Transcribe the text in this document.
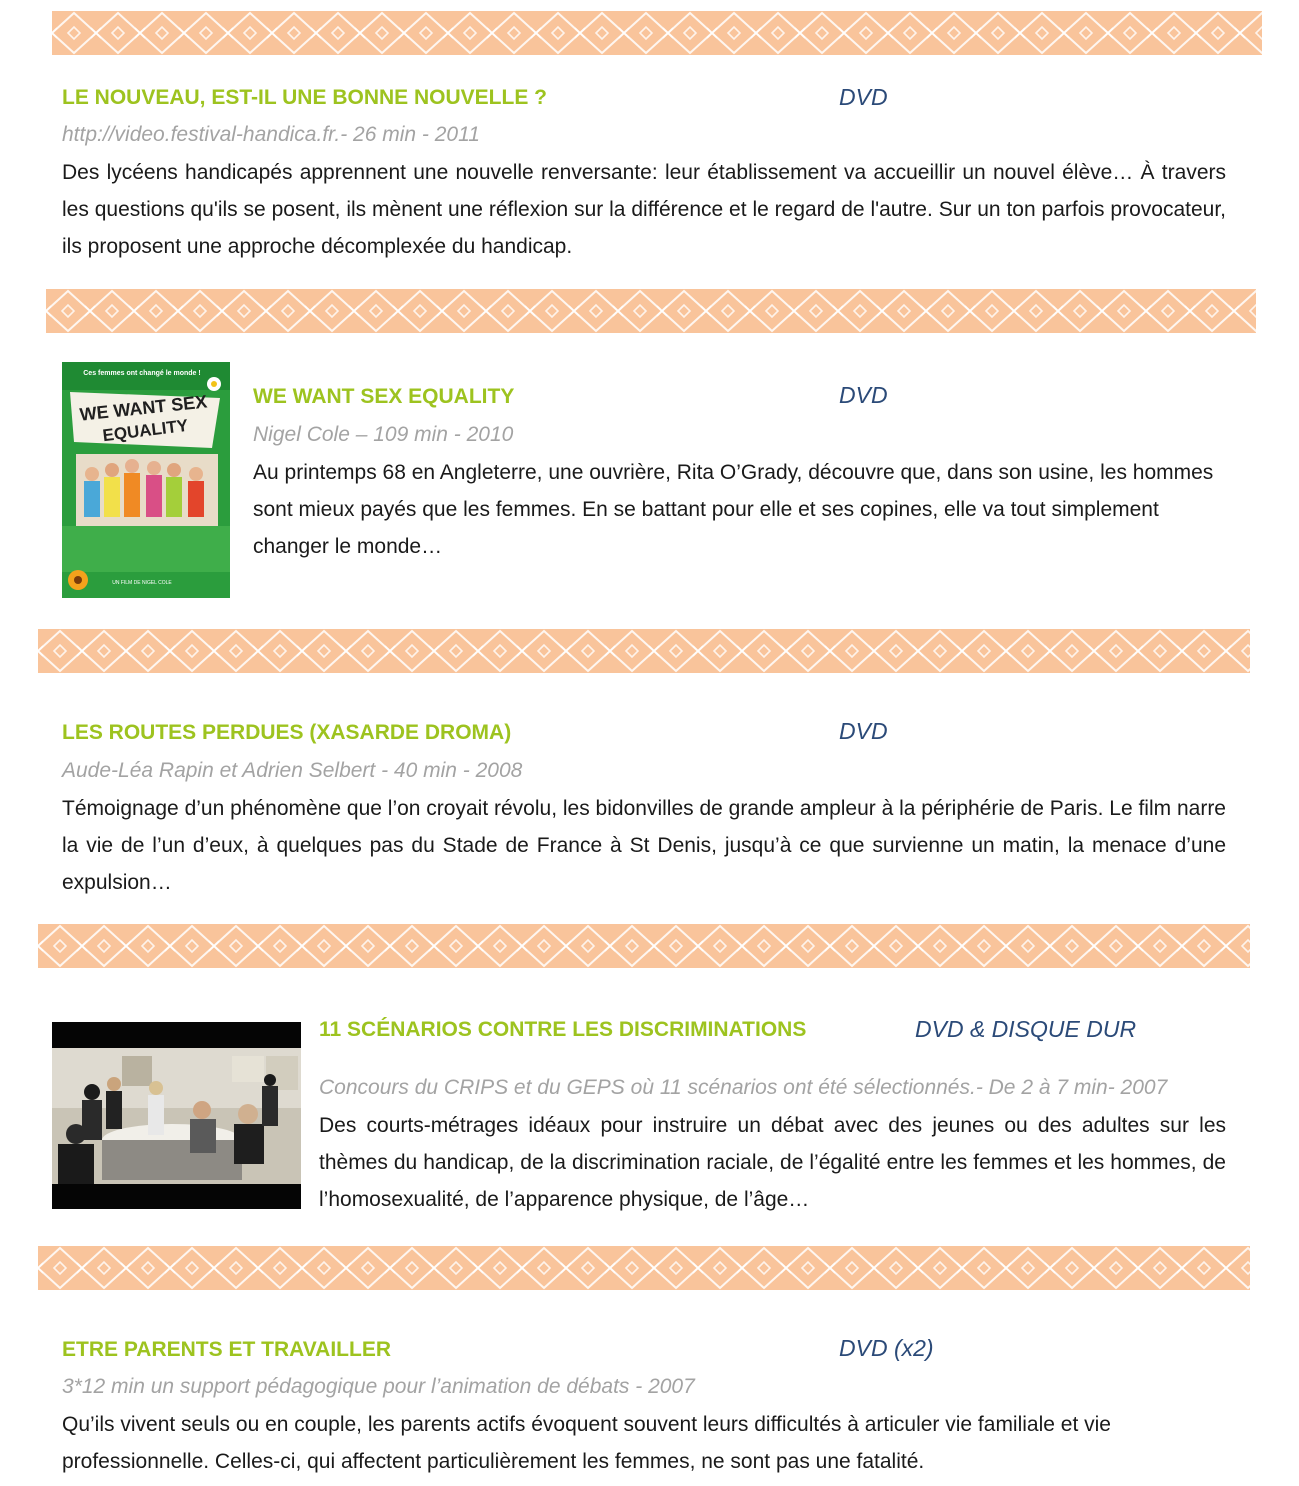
LE NOUVEAU, EST-IL UNE BONNE NOUVELLE ?	DVD
http://video.festival-handica.fr.- 26 min - 2011

Des lycéens handicapés apprennent une nouvelle renversante: leur établissement va accueillir un nouvel élève… À travers les questions qu'ils se posent, ils mènent une réflexion sur la différence et le regard de l'autre. Sur un ton parfois provocateur, ils proposent une approche décomplexée du handicap.

Ces femmes ont changé le monde !
WE WANT SEX
EQUALITY
UN FILM DE NIGEL COLE
WE WANT SEX EQUALITY	DVD
Nigel Cole – 109 min - 2010

Au printemps 68 en Angleterre, une ouvrière, Rita O’Grady, découvre que, dans son usine, les hommes sont mieux payés que les femmes. En se battant pour elle et ses copines, elle va tout simplement changer le monde…

LES ROUTES PERDUES (XASARDE DROMA)	DVD
Aude-Léa Rapin et Adrien Selbert - 40 min - 2008

Témoignage d’un phénomène que l’on croyait révolu, les bidonvilles de grande ampleur à la périphérie de Paris. Le film narre la vie de l’un d’eux, à quelques pas du Stade de France à St Denis, jusqu’à ce que survienne un matin, la menace d’une expulsion…

11 SCÉNARIOS CONTRE LES DISCRIMINATIONS	DVD & DISQUE DUR
Concours du CRIPS et du GEPS où 11 scénarios ont été sélectionnés.- De 2 à 7 min- 2007

Des courts-métrages idéaux pour instruire un débat avec des jeunes ou des adultes sur les thèmes du handicap, de la discrimination raciale, de l’égalité entre les femmes et les hommes, de l’homosexualité, de l’apparence physique, de l’âge…

ETRE PARENTS ET TRAVAILLER	DVD (x2)
3*12 min un support pédagogique pour l’animation de débats - 2007

Qu’ils vivent seuls ou en couple, les parents actifs évoquent souvent leurs difficultés à articuler vie familiale et vie professionnelle. Celles-ci, qui affectent particulièrement les femmes, ne sont pas une fatalité.
